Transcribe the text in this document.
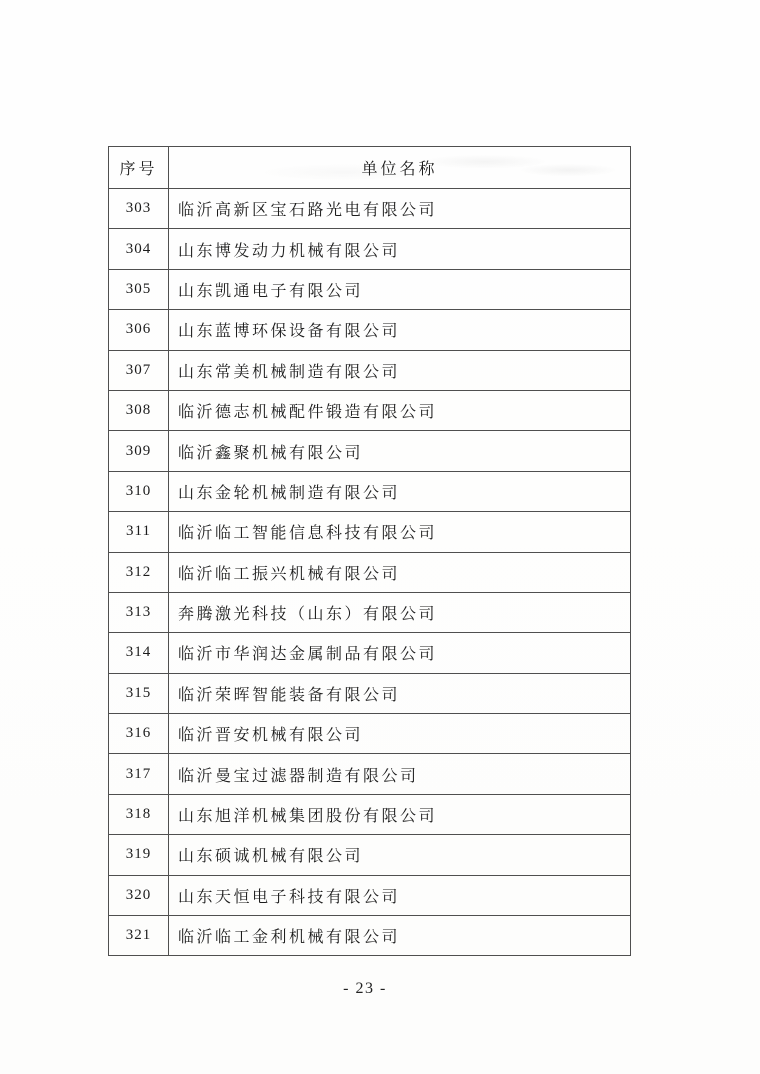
序号	单位名称
303	临沂高新区宝石路光电有限公司
304	山东博发动力机械有限公司
305	山东凯通电子有限公司
306	山东蓝博环保设备有限公司
307	山东常美机械制造有限公司
308	临沂德志机械配件锻造有限公司
309	临沂鑫聚机械有限公司
310	山东金轮机械制造有限公司
311	临沂临工智能信息科技有限公司
312	临沂临工振兴机械有限公司
313	奔腾激光科技（山东）有限公司
314	临沂市华润达金属制品有限公司
315	临沂荣晖智能装备有限公司
316	临沂晋安机械有限公司
317	临沂曼宝过滤器制造有限公司
318	山东旭洋机械集团股份有限公司
319	山东硕诚机械有限公司
320	山东天恒电子科技有限公司
321	临沂临工金利机械有限公司
- 23 -
